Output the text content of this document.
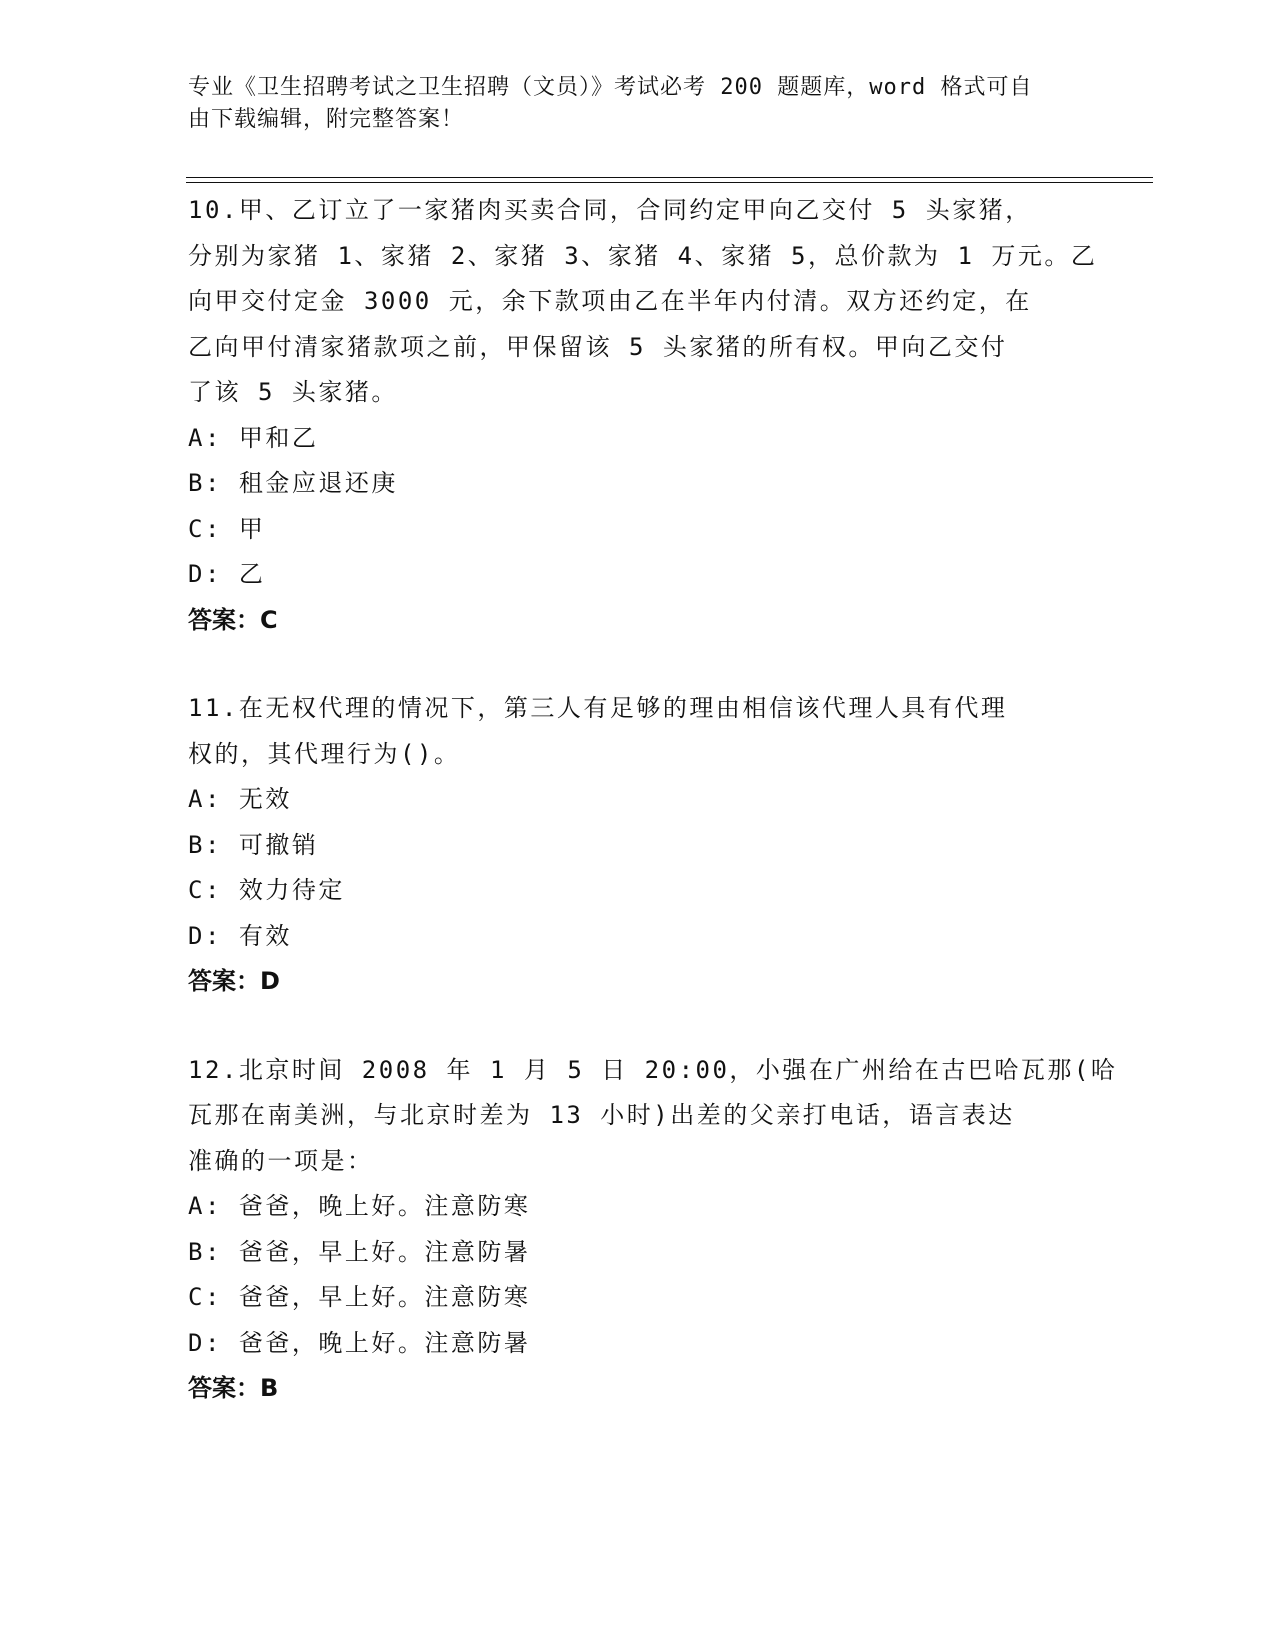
专业《卫生招聘考试之卫生招聘（文员）》考试必考 200 题题库，word 格式可自
由下载编辑，附完整答案！
10.甲、乙订立了一家猪肉买卖合同，合同约定甲向乙交付 5 头家猪，
分别为家猪 1、家猪 2、家猪 3、家猪 4、家猪 5，总价款为 1 万元。乙
向甲交付定金 3000 元，余下款项由乙在半年内付清。双方还约定，在
乙向甲付清家猪款项之前，甲保留该 5 头家猪的所有权。甲向乙交付
了该 5 头家猪。
A: 甲和乙
B: 租金应退还庚
C: 甲
D: 乙
答案：C
11.在无权代理的情况下，第三人有足够的理由相信该代理人具有代理
权的，其代理行为()。
A: 无效
B: 可撤销
C: 效力待定
D: 有效
答案：D
12.北京时间 2008 年 1 月 5 日 20:00，小强在广州给在古巴哈瓦那(哈
瓦那在南美洲，与北京时差为 13 小时)出差的父亲打电话，语言表达
准确的一项是：
A: 爸爸，晚上好。注意防寒
B: 爸爸，早上好。注意防暑
C: 爸爸，早上好。注意防寒
D: 爸爸，晚上好。注意防暑
答案：B
